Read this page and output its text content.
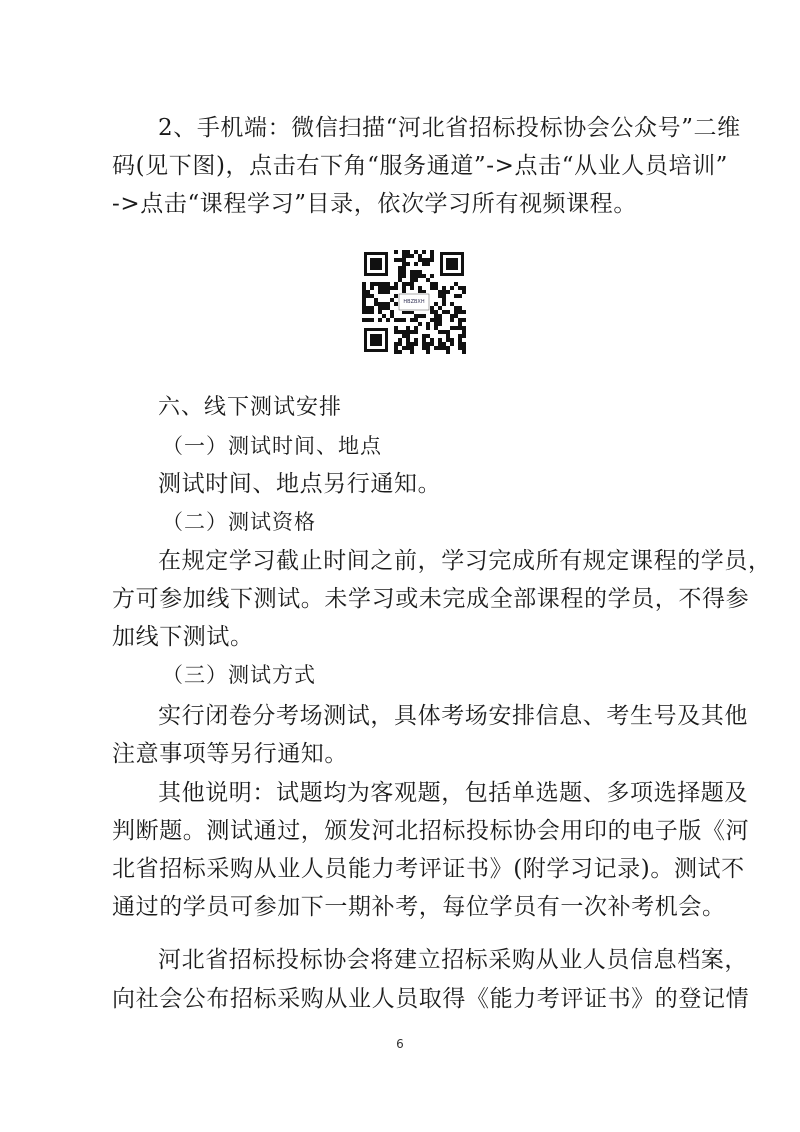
2、手机端：微信扫描“河北省招标投标协会公众号”二维
码(见下图)，点击右下角“服务通道”->点击“从业人员培训”
->点击“课程学习”目录，依次学习所有视频课程。
HBZBXH
六、线下测试安排
（一）测试时间、地点
测试时间、地点另行通知。
（二）测试资格
在规定学习截止时间之前，学习完成所有规定课程的学员，
方可参加线下测试。未学习或未完成全部课程的学员，不得参
加线下测试。
（三）测试方式
实行闭卷分考场测试，具体考场安排信息、考生号及其他
注意事项等另行通知。
其他说明：试题均为客观题，包括单选题、多项选择题及
判断题。测试通过，颁发河北招标投标协会用印的电子版《河
北省招标采购从业人员能力考评证书》(附学习记录)。测试不
通过的学员可参加下一期补考，每位学员有一次补考机会。
河北省招标投标协会将建立招标采购从业人员信息档案，
向社会公布招标采购从业人员取得《能力考评证书》的登记情
6
